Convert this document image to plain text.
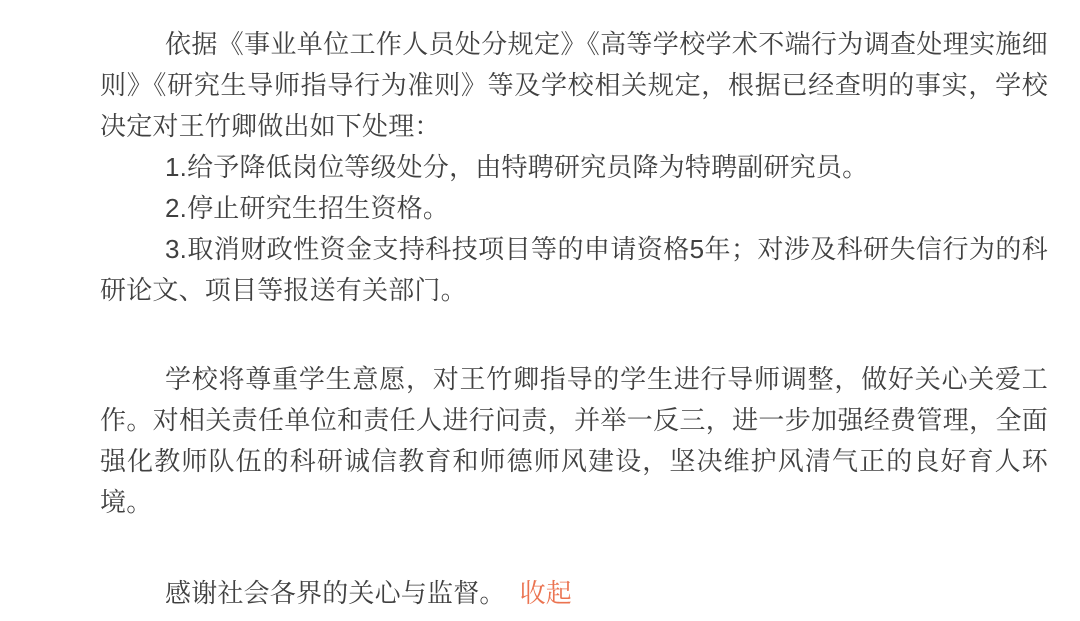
依据《事业单位工作人员处分规定》《高等学校学术不端行为调查处理实施细则》《研究生导师指导行为准则》等及学校相关规定，根据已经查明的事实，学校决定对王竹卿做出如下处理：

1.给予降低岗位等级处分，由特聘研究员降为特聘副研究员。

2.停止研究生招生资格。

3.取消财政性资金支持科技项目等的申请资格5年；对涉及科研失信行为的科研论文、项目等报送有关部门。

学校将尊重学生意愿，对王竹卿指导的学生进行导师调整，做好关心关爱工作。对相关责任单位和责任人进行问责，并举一反三，进一步加强经费管理，全面强化教师队伍的科研诚信教育和师德师风建设，坚决维护风清气正的良好育人环境。

感谢社会各界的关心与监督。 收起
